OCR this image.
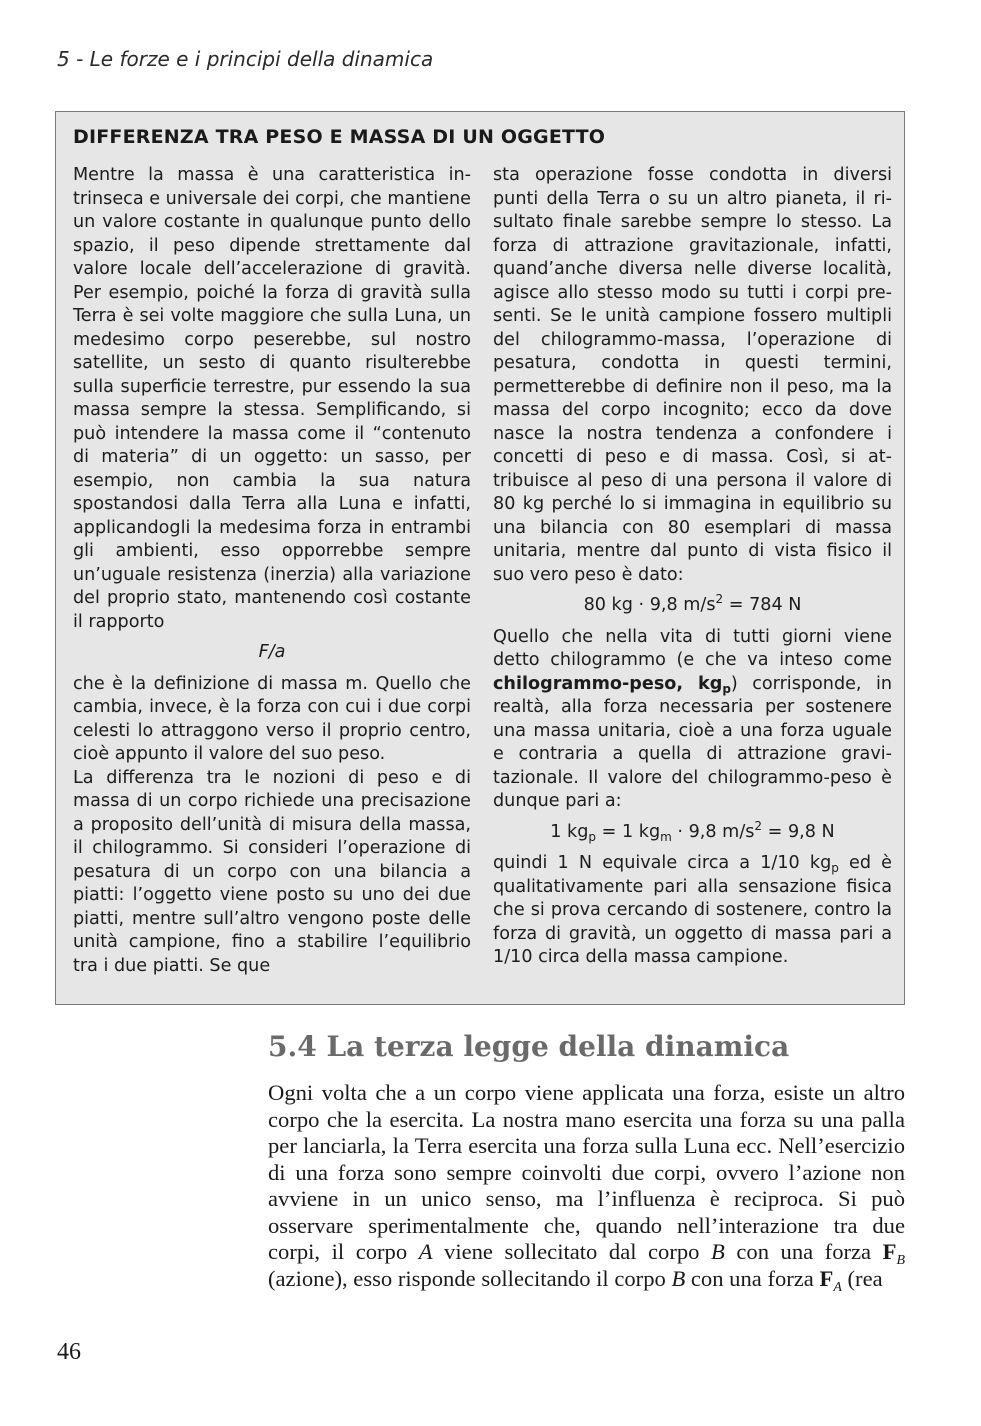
5 - Le forze e i principi della dinamica
DIFFERENZA TRA PESO E MASSA DI UN OGGETTO

Mentre la massa è una caratteristica intrinseca e universale dei corpi, che mantiene un valore costante in qualunque punto dello spazio, il peso dipende strettamente dal valore locale dell’accelerazione di gravità. Per esempio, poiché la forza di gravità sulla Terra è sei volte maggiore che sulla Luna, un medesimo corpo peserebbe, sul nostro satellite, un sesto di quanto risulterebbe sulla superficie terrestre, pur essendo la sua massa sempre la stessa. Semplificando, si può intendere la massa come il “contenuto di materia” di un oggetto: un sasso, per esempio, non cambia la sua natura spostandosi dalla Terra alla Luna e infatti, applicandogli la medesima forza in entrambi gli ambienti, esso opporrebbe sempre un’uguale resistenza (inerzia) alla variazione del proprio stato, mantenendo così costante il rapporto

F/a

che è la definizione di massa m. Quello che cambia, invece, è la forza con cui i due corpi celesti lo attraggono verso il proprio centro, cioè appunto il valore del suo peso.

La differenza tra le nozioni di peso e di massa di un corpo richiede una precisazione a proposito dell’unità di misura della massa, il chilogrammo. Si consideri l’operazione di pesatura di un corpo con una bilancia a piatti: l’oggetto viene posto su uno dei due piatti, mentre sull’altro vengono poste delle unità campione, fino a stabilire l’equilibrio tra i due piatti. Se que

sta operazione fosse condotta in diversi punti della Terra o su un altro pianeta, il risultato finale sarebbe sempre lo stesso. La forza di attrazione gravitazionale, infatti, quand’anche diversa nelle diverse località, agisce allo stesso modo su tutti i corpi presenti. Se le unità campione fossero multipli del chilogrammo-massa, l’operazione di pesatura, condotta in questi termini, permetterebbe di definire non il peso, ma la massa del corpo incognito; ecco da dove nasce la nostra tendenza a confondere i concetti di peso e di massa. Così, si attribuisce al peso di una persona il valore di 80 kg perché lo si immagina in equilibrio su una bilancia con 80 esemplari di massa unitaria, mentre dal punto di vista fisico il suo vero peso è dato:

80 kg · 9,8 $m/s^2 = 784$ N

Quello che nella vita di tutti giorni viene detto chilogrammo (e che va inteso come chilogrammo-peso, $kg_p$) corrisponde, in realtà, alla forza necessaria per sostenere una massa unitaria, cioè a una forza uguale e contraria a quella di attrazione gravitazionale. Il valore del chilogrammo-peso è dunque pari a:

1 $kg_p = 1$ $kg_m \cdot 9,8$ $m/s^2 = 9,8$ N

quindi 1 N equivale circa a 1/10 $kg_p$ ed è qualitativamente pari alla sensazione fisica che si prova cercando di sostenere, contro la forza di gravità, un oggetto di massa pari a 1/10 circa della massa campione.

5.4 La terza legge della dinamica

Ogni volta che a un corpo viene applicata una forza, esiste un altro corpo che la esercita. La nostra mano esercita una forza su una palla per lanciarla, la Terra esercita una forza sulla Luna ecc. Nell’esercizio di una forza sono sempre coinvolti due corpi, ovvero l’azione non avviene in un unico senso, ma l’influenza è reciproca. Si può osservare sperimentalmente che, quando nell’interazione tra due corpi, il corpo A viene sollecitato dal corpo B con una forza $F_B$ (azione), esso risponde sollecitando il corpo B con una forza $F_A$ (rea

46
